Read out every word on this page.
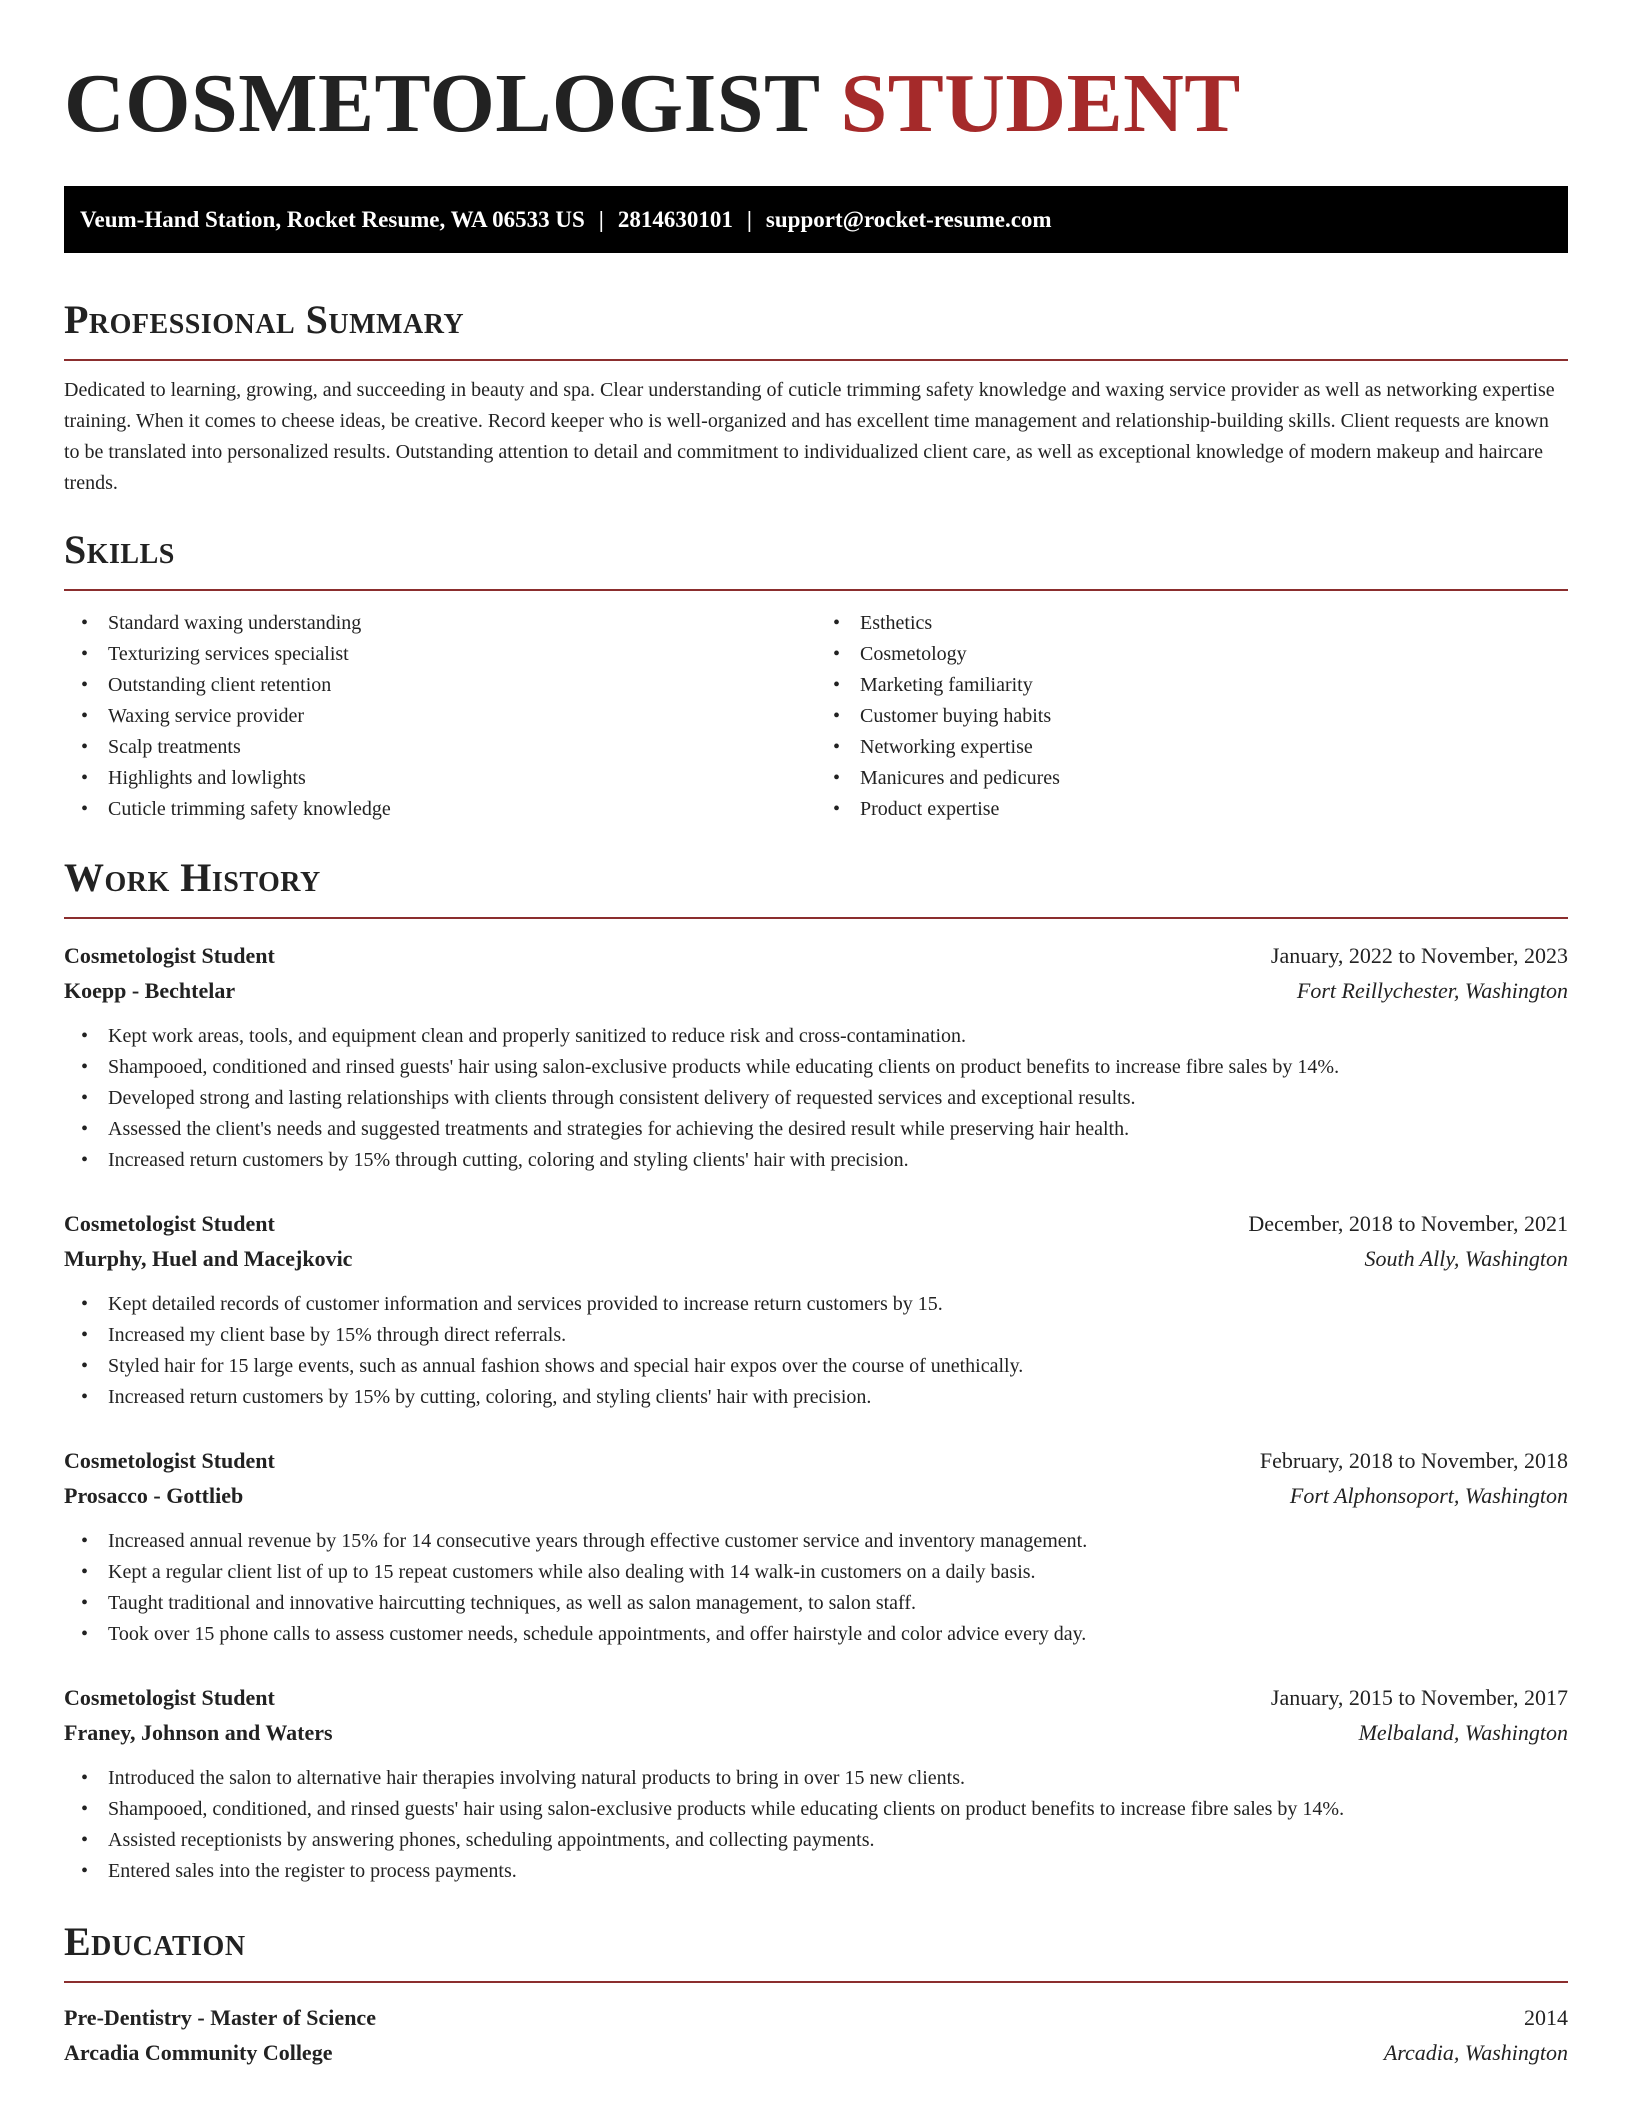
COSMETOLOGIST STUDENT
Veum-Hand Station, Rocket Resume, WA 06533 US | 2814630101 | support@rocket-resume.com
Professional Summary

Dedicated to learning, growing, and succeeding in beauty and spa. Clear understanding of cuticle trimming safety knowledge and waxing service provider as well as networking expertise training. When it comes to cheese ideas, be creative. Record keeper who is well-organized and has excellent time management and relationship-building skills. Client requests are known to be translated into personalized results. Outstanding attention to detail and commitment to individualized client care, as well as exceptional knowledge of modern makeup and haircare trends.

Skills
• Standard waxing understanding
• Texturizing services specialist
• Outstanding client retention
• Waxing service provider
• Scalp treatments
• Highlights and lowlights
• Cuticle trimming safety knowledge
• Esthetics
• Cosmetology
• Marketing familiarity
• Customer buying habits
• Networking expertise
• Manicures and pedicures
• Product expertise
Work History
Cosmetologist Student	January, 2022 to November, 2023
Koepp - Bechtelar	Fort Reillychester, Washington
• Kept work areas, tools, and equipment clean and properly sanitized to reduce risk and cross-contamination.
• Shampooed, conditioned and rinsed guests' hair using salon-exclusive products while educating clients on product benefits to increase fibre sales by 14%.
• Developed strong and lasting relationships with clients through consistent delivery of requested services and exceptional results.
• Assessed the client's needs and suggested treatments and strategies for achieving the desired result while preserving hair health.
• Increased return customers by 15% through cutting, coloring and styling clients' hair with precision.
Cosmetologist Student	December, 2018 to November, 2021
Murphy, Huel and Macejkovic	South Ally, Washington
• Kept detailed records of customer information and services provided to increase return customers by 15.
• Increased my client base by 15% through direct referrals.
• Styled hair for 15 large events, such as annual fashion shows and special hair expos over the course of unethically.
• Increased return customers by 15% by cutting, coloring, and styling clients' hair with precision.
Cosmetologist Student	February, 2018 to November, 2018
Prosacco - Gottlieb	Fort Alphonsoport, Washington
• Increased annual revenue by 15% for 14 consecutive years through effective customer service and inventory management.
• Kept a regular client list of up to 15 repeat customers while also dealing with 14 walk-in customers on a daily basis.
• Taught traditional and innovative haircutting techniques, as well as salon management, to salon staff.
• Took over 15 phone calls to assess customer needs, schedule appointments, and offer hairstyle and color advice every day.
Cosmetologist Student	January, 2015 to November, 2017
Franey, Johnson and Waters	Melbaland, Washington
• Introduced the salon to alternative hair therapies involving natural products to bring in over 15 new clients.
• Shampooed, conditioned, and rinsed guests' hair using salon-exclusive products while educating clients on product benefits to increase fibre sales by 14%.
• Assisted receptionists by answering phones, scheduling appointments, and collecting payments.
• Entered sales into the register to process payments.
Education
Pre-Dentistry - Master of Science	2014
Arcadia Community College	Arcadia, Washington
